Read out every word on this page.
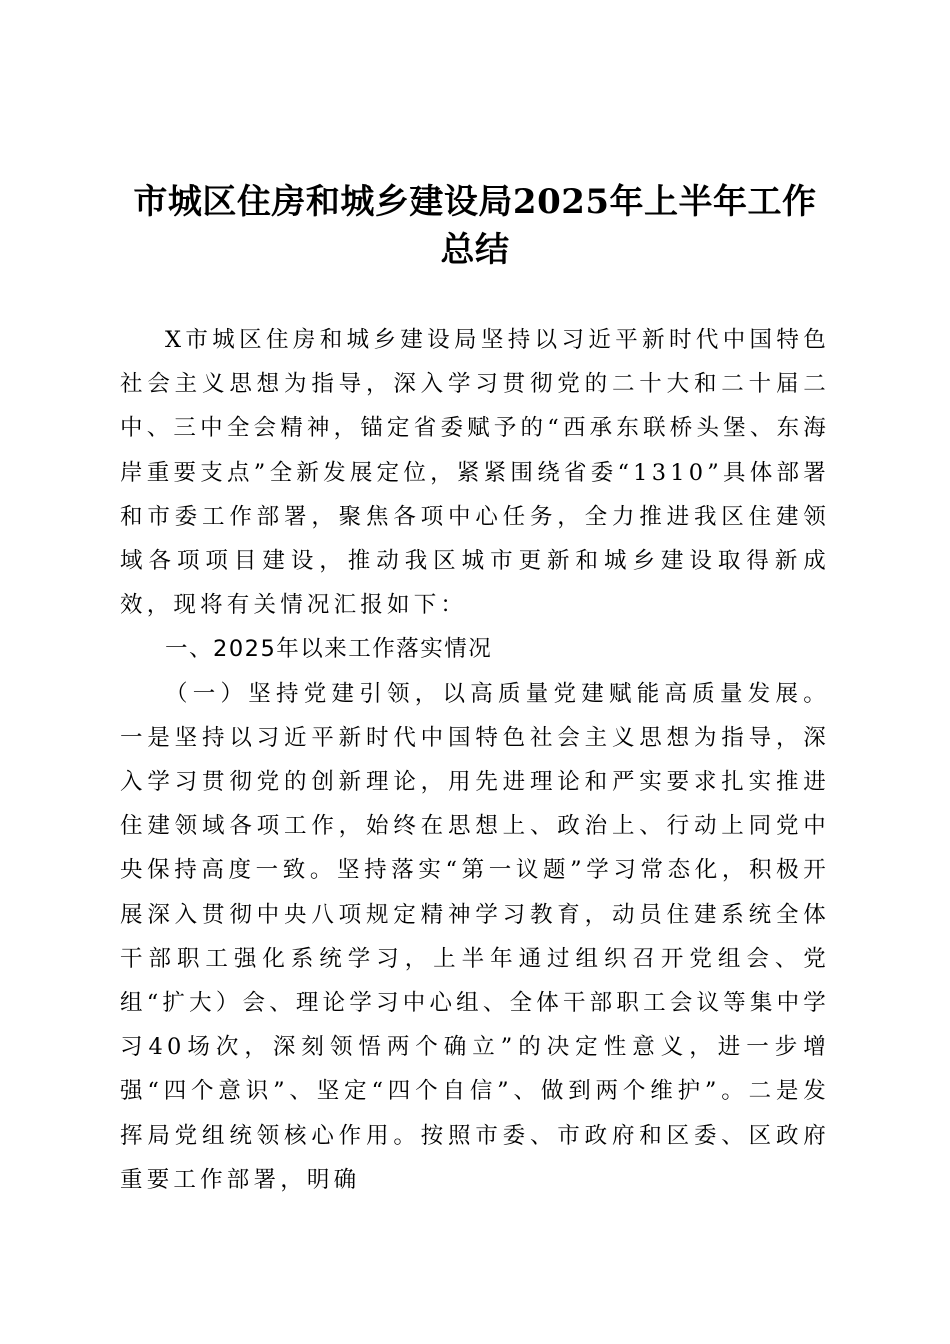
市城区住房和城乡建设局2025年上半年工作总结

X市城区住房和城乡建设局坚持以习近平新时代中国特色社会主义思想为指导，深入学习贯彻党的二十大和二十届二中、三中全会精神，锚定省委赋予的“西承东联桥头堡、东海岸重要支点”全新发展定位，紧紧围绕省委“1310”具体部署和市委工作部署，聚焦各项中心任务，全力推进我区住建领域各项项目建设，推动我区城市更新和城乡建设取得新成效，现将有关情况汇报如下：

一、2025年以来工作落实情况

（一）坚持党建引领，以高质量党建赋能高质量发展。一是坚持以习近平新时代中国特色社会主义思想为指导，深入学习贯彻党的创新理论，用先进理论和严实要求扎实推进住建领域各项工作，始终在思想上、政治上、行动上同党中央保持高度一致。坚持落实“第一议题”学习常态化，积极开展深入贯彻中央八项规定精神学习教育，动员住建系统全体干部职工强化系统学习，上半年通过组织召开党组会、党组“扩大）会、理论学习中心组、全体干部职工会议等集中学习40场次，深刻领悟两个确立”的决定性意义，进一步增强“四个意识”、坚定“四个自信”、做到两个维护”。二是发挥局党组统领核心作用。按照市委、市政府和区委、区政府重要工作部署，明确
